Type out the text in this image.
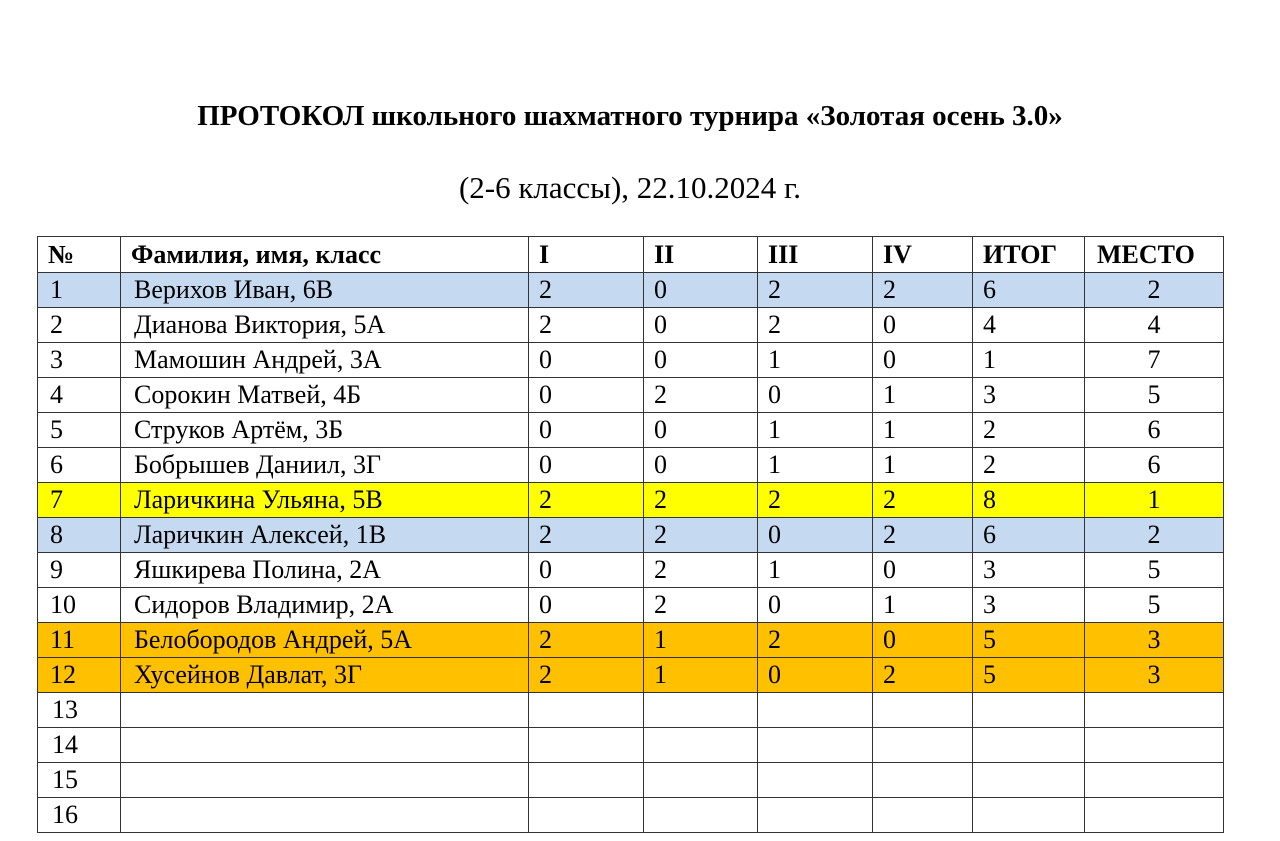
ПРОТОКОЛ школьного шахматного турнира «Золотая осень 3.0»
(2-6 классы), 22.10.2024 г.
№	Фамилия, имя, класс	I	II	III	IV	ИТОГ	МЕСТО
1	Верихов Иван, 6В	2	0	2	2	6	2
2	Дианова Виктория, 5А	2	0	2	0	4	4
3	Мамошин Андрей, 3А	0	0	1	0	1	7
4	Сорокин Матвей, 4Б	0	2	0	1	3	5
5	Струков Артём, 3Б	0	0	1	1	2	6
6	Бобрышев Даниил, 3Г	0	0	1	1	2	6
7	Ларичкина Ульяна, 5В	2	2	2	2	8	1
8	Ларичкин Алексей, 1В	2	2	0	2	6	2
9	Яшкирева Полина, 2А	0	2	1	0	3	5
10	Сидоров Владимир, 2А	0	2	0	1	3	5
11	Белобородов Андрей, 5А	2	1	2	0	5	3
12	Хусейнов Давлат, 3Г	2	1	0	2	5	3
13							
14							
15							
16							
